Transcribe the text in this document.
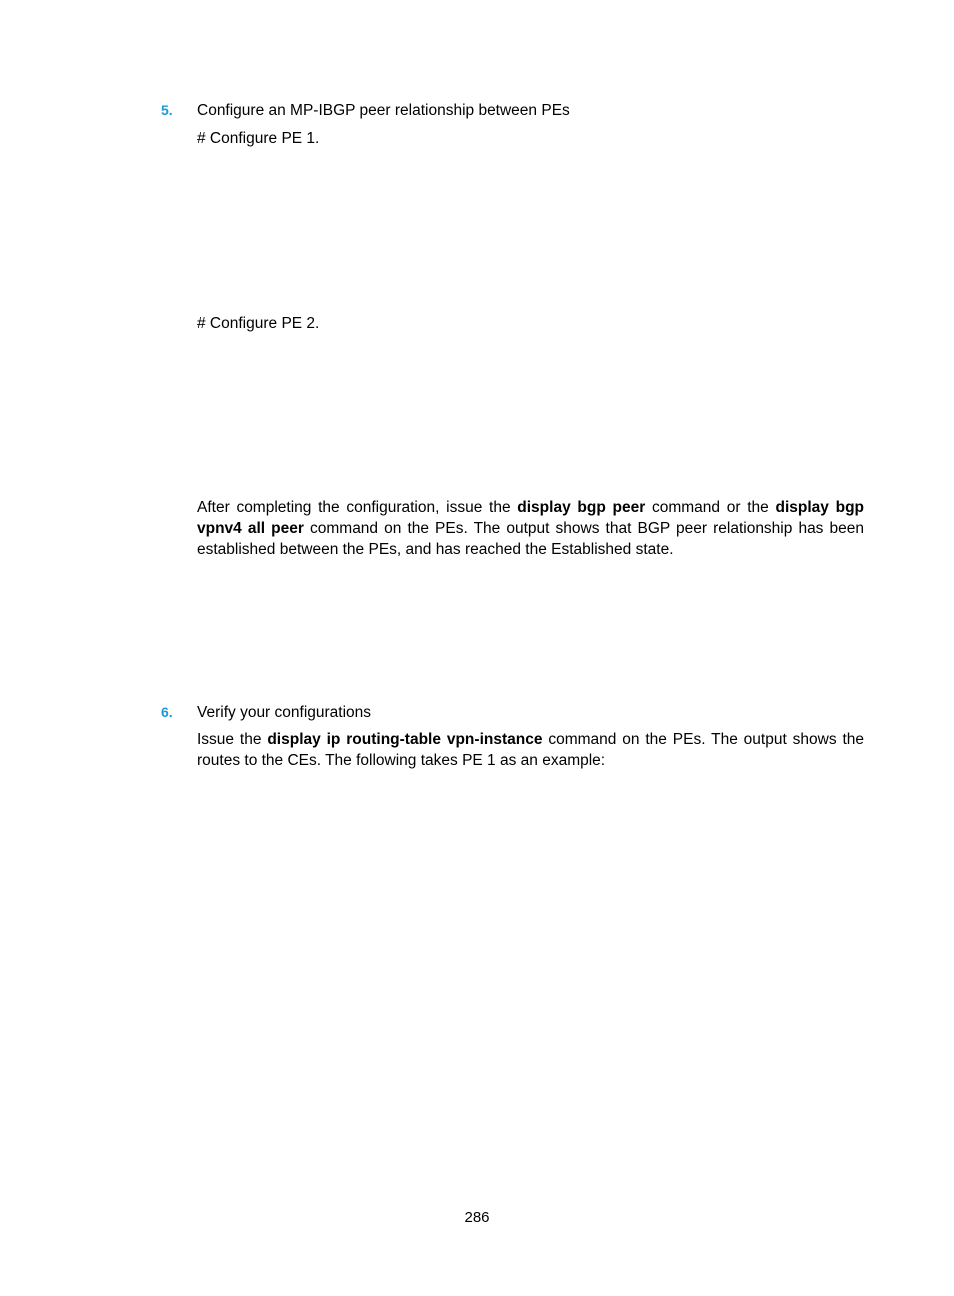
5. Configure an MP-IBGP peer relationship between PEs
# Configure PE 1.
# Configure PE 2.

After completing the configuration, issue the display bgp peer command or the display bgp vpnv4 all peer command on the PEs. The output shows that BGP peer relationship has been established between the PEs, and has reached the Established state.

6. Verify your configurations

Issue the display ip routing-table vpn-instance command on the PEs. The output shows the routes to the CEs. The following takes PE 1 as an example:

286
